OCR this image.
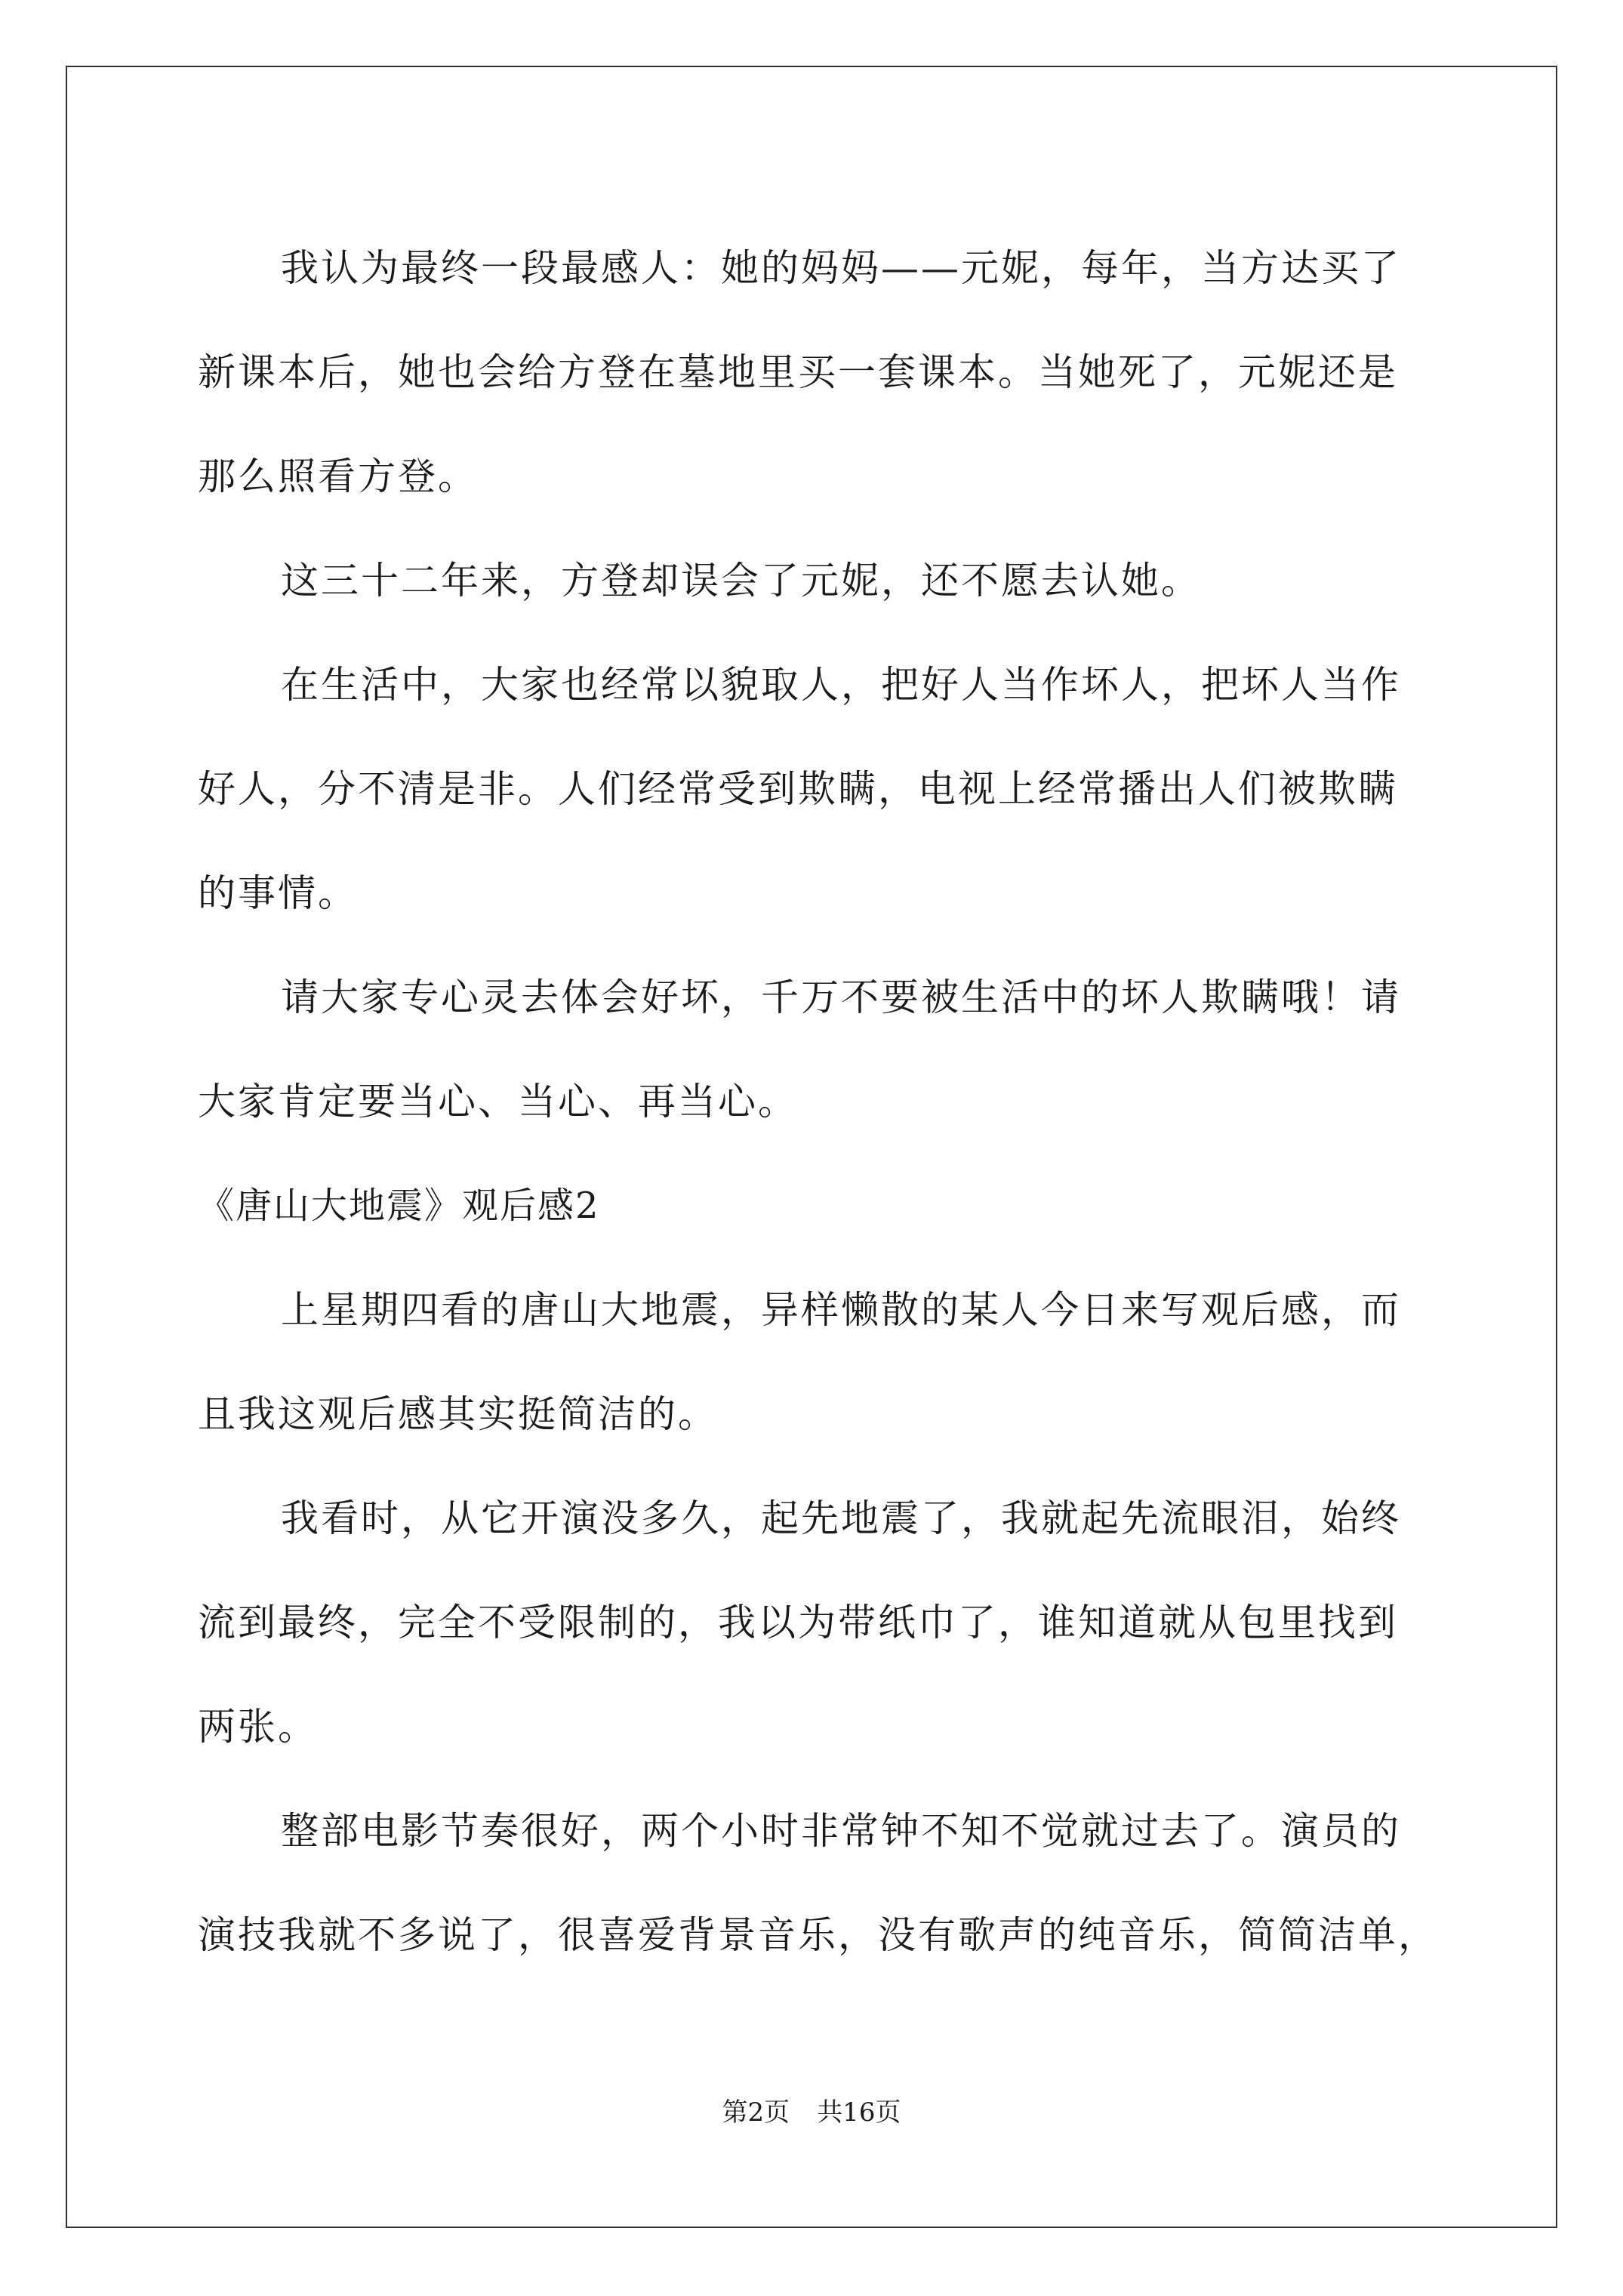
我认为最终一段最感人：她的妈妈——元妮，每年，当方达买了
新课本后，她也会给方登在墓地里买一套课本。当她死了，元妮还是
那么照看方登。

这三十二年来，方登却误会了元妮，还不愿去认她。

在生活中，大家也经常以貌取人，把好人当作坏人，把坏人当作
好人，分不清是非。人们经常受到欺瞒，电视上经常播出人们被欺瞒
的事情。

请大家专心灵去体会好坏，千万不要被生活中的坏人欺瞒哦！请
大家肯定要当心、当心、再当心。

《唐山大地震》观后感2

上星期四看的唐山大地震，异样懒散的某人今日来写观后感，而
且我这观后感其实挺简洁的。

我看时，从它开演没多久，起先地震了，我就起先流眼泪，始终
流到最终，完全不受限制的，我以为带纸巾了，谁知道就从包里找到
两张。

整部电影节奏很好，两个小时非常钟不知不觉就过去了。演员的
演技我就不多说了，很喜爱背景音乐，没有歌声的纯音乐，简简洁单，

第2页 共16页
